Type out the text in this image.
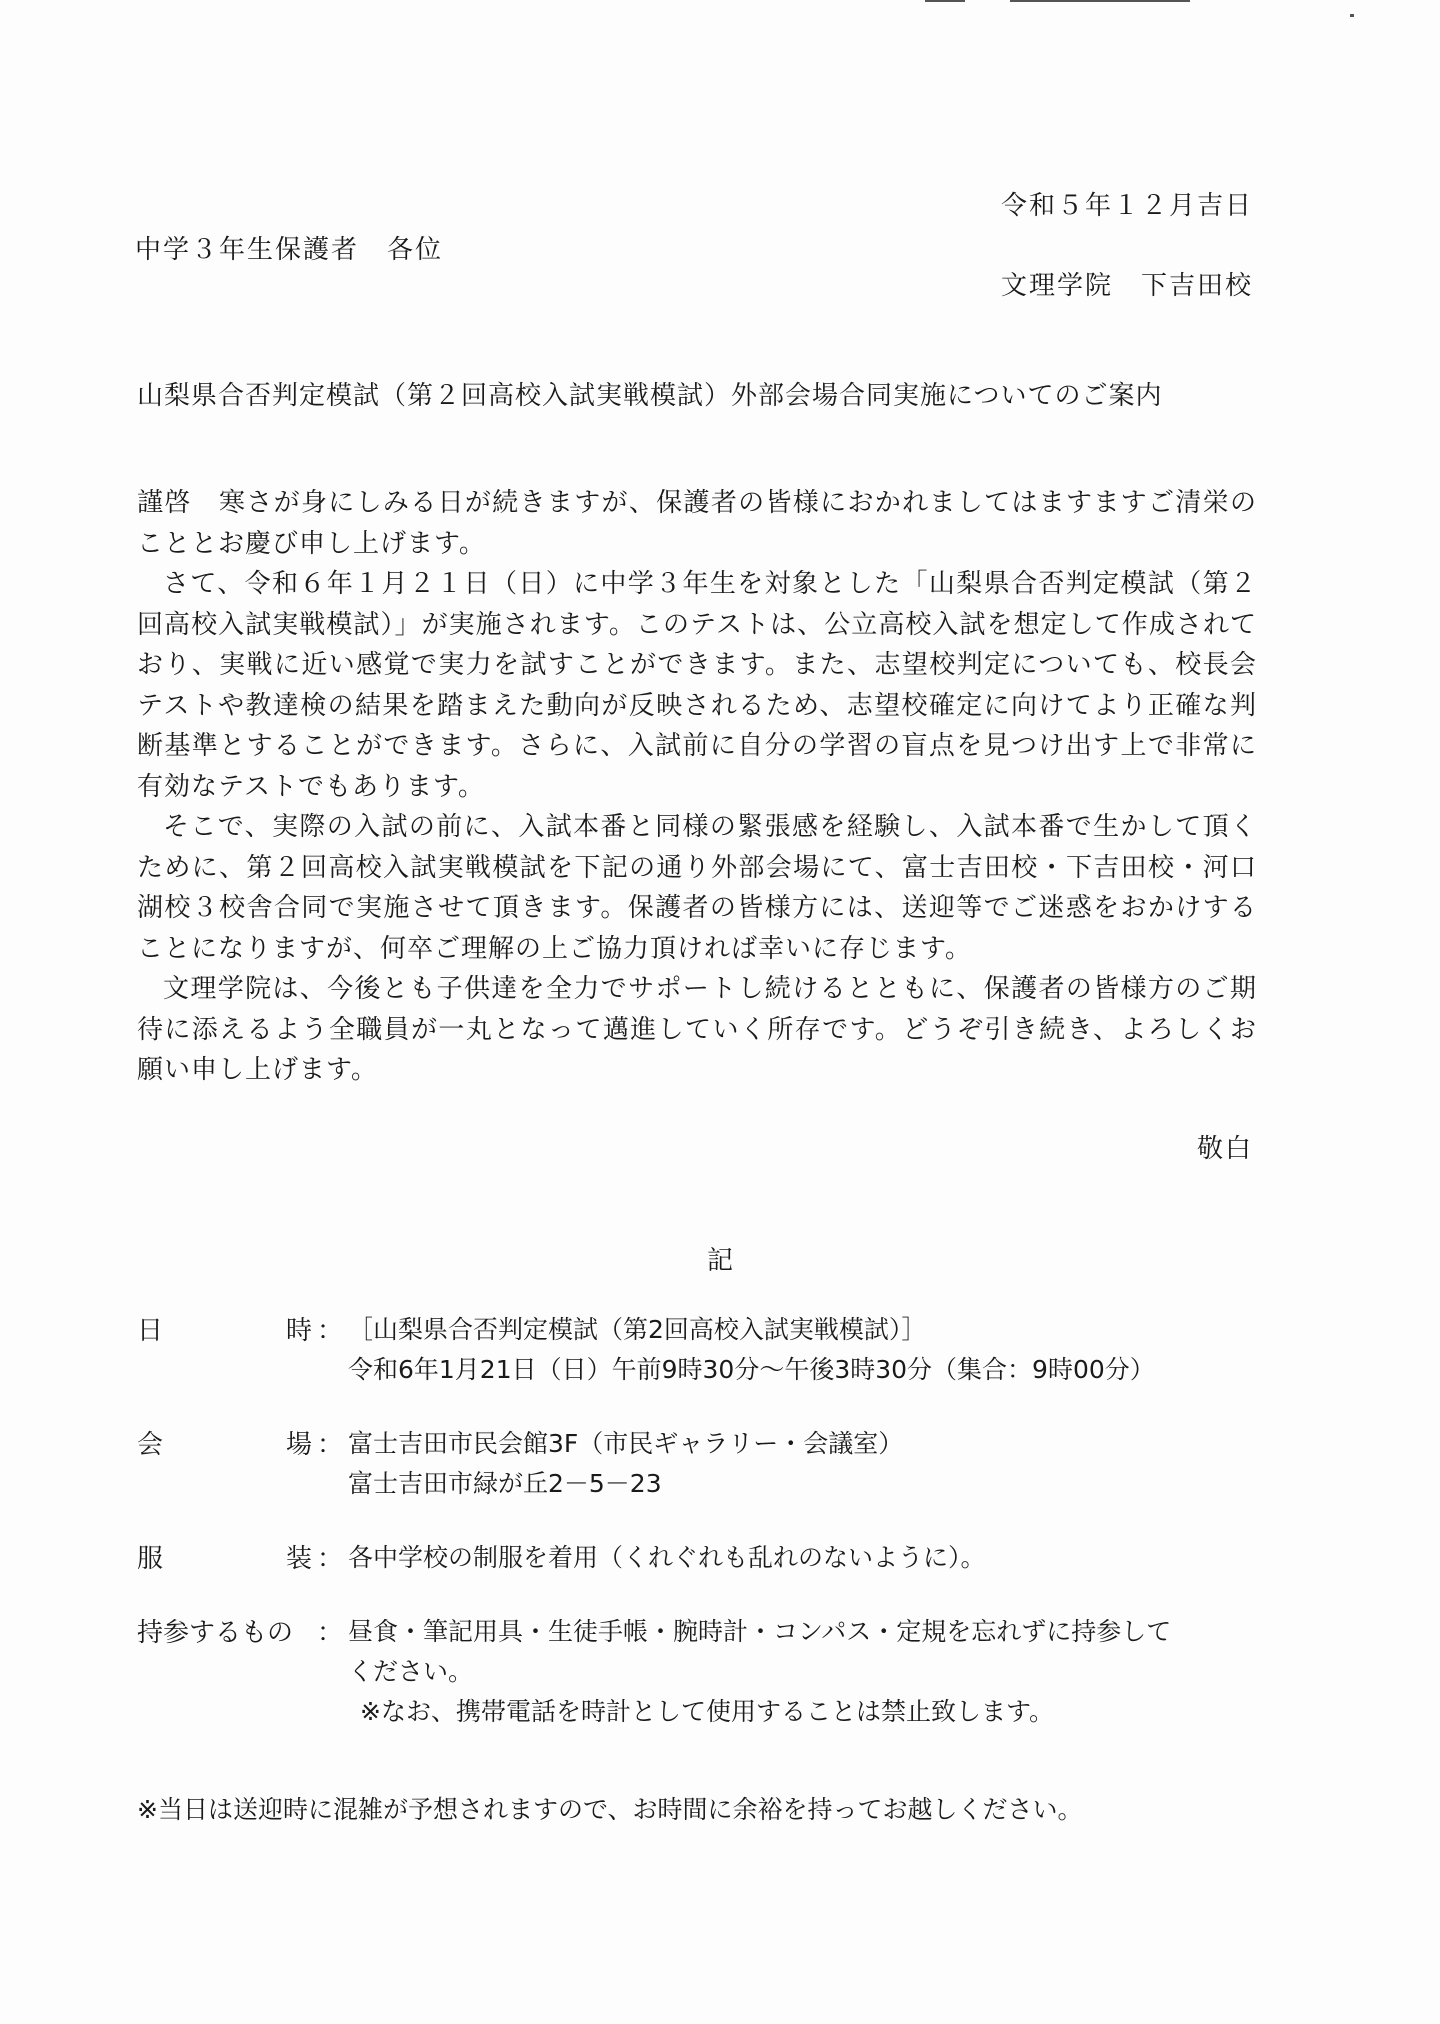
令和５年１２月吉日
中学３年生保護者　各位
文理学院　下吉田校
山梨県合否判定模試（第２回高校入試実戦模試）外部会場合同実施についてのご案内

謹啓　寒さが身にしみる日が続きますが、保護者の皆様におかれましてはますますご清栄のこととお慶び申し上げます。

さて、令和６年１月２１日（日）に中学３年生を対象とした「山梨県合否判定模試（第２回高校入試実戦模試）」が実施されます。このテストは、公立高校入試を想定して作成されており、実戦に近い感覚で実力を試すことができます。また、志望校判定についても、校長会テストや教達検の結果を踏まえた動向が反映されるため、志望校確定に向けてより正確な判断基準とすることができます。さらに、入試前に自分の学習の盲点を見つけ出す上で非常に有効なテストでもあります。

そこで、実際の入試の前に、入試本番と同様の緊張感を経験し、入試本番で生かして頂くために、第２回高校入試実戦模試を下記の通り外部会場にて、富士吉田校・下吉田校・河口湖校３校舎合同で実施させて頂きます。保護者の皆様方には、送迎等でご迷惑をおかけすることになりますが、何卒ご理解の上ご協力頂ければ幸いに存じます。

文理学院は、今後とも子供達を全力でサポートし続けるとともに、保護者の皆様方のご期待に添えるよう全職員が一丸となって邁進していく所存です。どうぞ引き続き、よろしくお願い申し上げます。

敬白
記
日	時 ： ［山梨県合否判定模試（第2回高校入試実戦模試）］
令和6年1月21日（日）午前9時30分～午後3時30分（集合：9時00分）
会	場 ： 富士吉田市民会館3F（市民ギャラリー・会議室）
富士吉田市緑が丘2－5－23
服	装 ： 各中学校の制服を着用（くれぐれも乱れのないように）。
持参するもの ： 昼食・筆記用具・生徒手帳・腕時計・コンパス・定規を忘れずに持参して
ください。
※なお、携帯電話を時計として使用することは禁止致します。
※当日は送迎時に混雑が予想されますので、お時間に余裕を持ってお越しください。
